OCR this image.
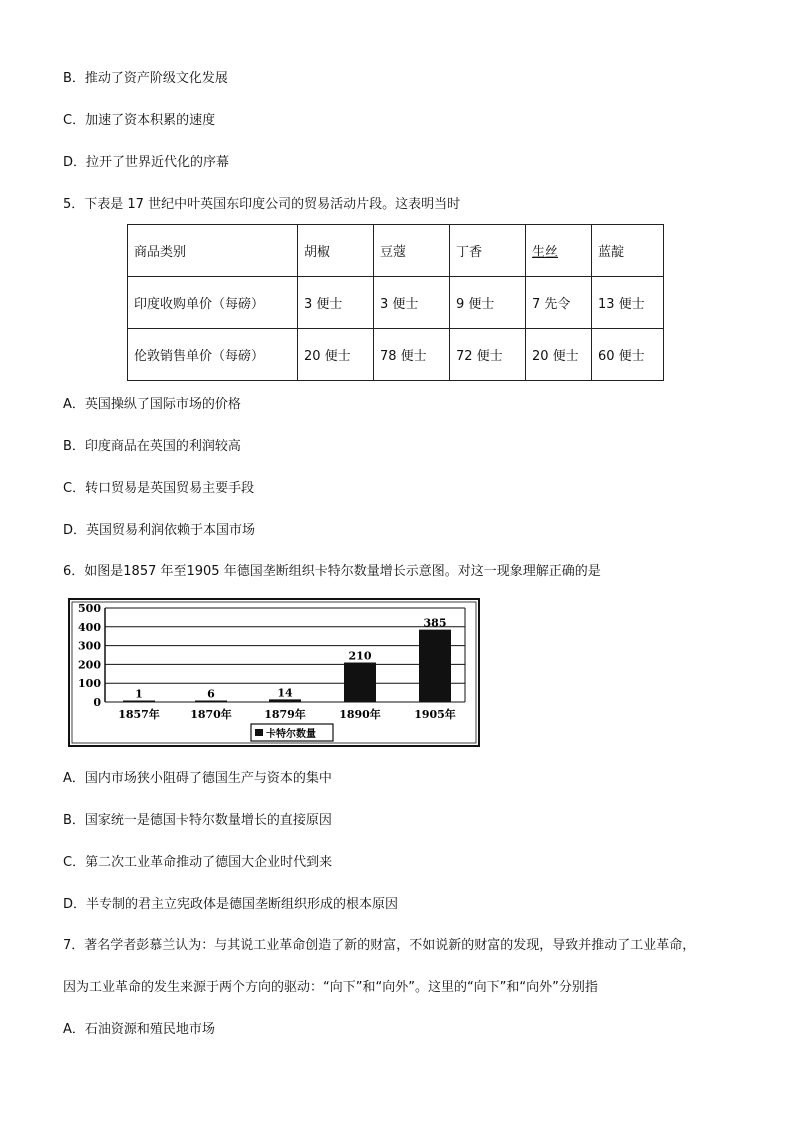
B．推动了资产阶级文化发展
C．加速了资本积累的速度
D．拉开了世界近代化的序幕
5．下表是 17 世纪中叶英国东印度公司的贸易活动片段。这表明当时
商品类别	胡椒	豆蔻	丁香	生丝	蓝靛
印度收购单价（每磅）	3 便士	3 便士	9 便士	7 先令	13 便士
伦敦销售单价（每磅）	20 便士	78 便士	72 便士	20 便士	60 便士
A．英国操纵了国际市场的价格
B．印度商品在英国的利润较高
C．转口贸易是英国贸易主要手段
D．英国贸易利润依赖于本国市场
6．如图是1857 年至1905 年德国垄断组织卡特尔数量增长示意图。对这一现象理解正确的是
0
100
200
300
400
500
1
1857年
6
1870年
14
1879年
210
1890年
385
1905年
卡特尔数量
A．国内市场狭小阻碍了德国生产与资本的集中
B．国家统一是德国卡特尔数量增长的直接原因
C．第二次工业革命推动了德国大企业时代到来
D．半专制的君主立宪政体是德国垄断组织形成的根本原因
7．著名学者彭慕兰认为：与其说工业革命创造了新的财富，不如说新的财富的发现，导致并推动了工业革命，
因为工业革命的发生来源于两个方向的驱动：“向下”和“向外”。这里的“向下”和“向外”分别指
A．石油资源和殖民地市场
